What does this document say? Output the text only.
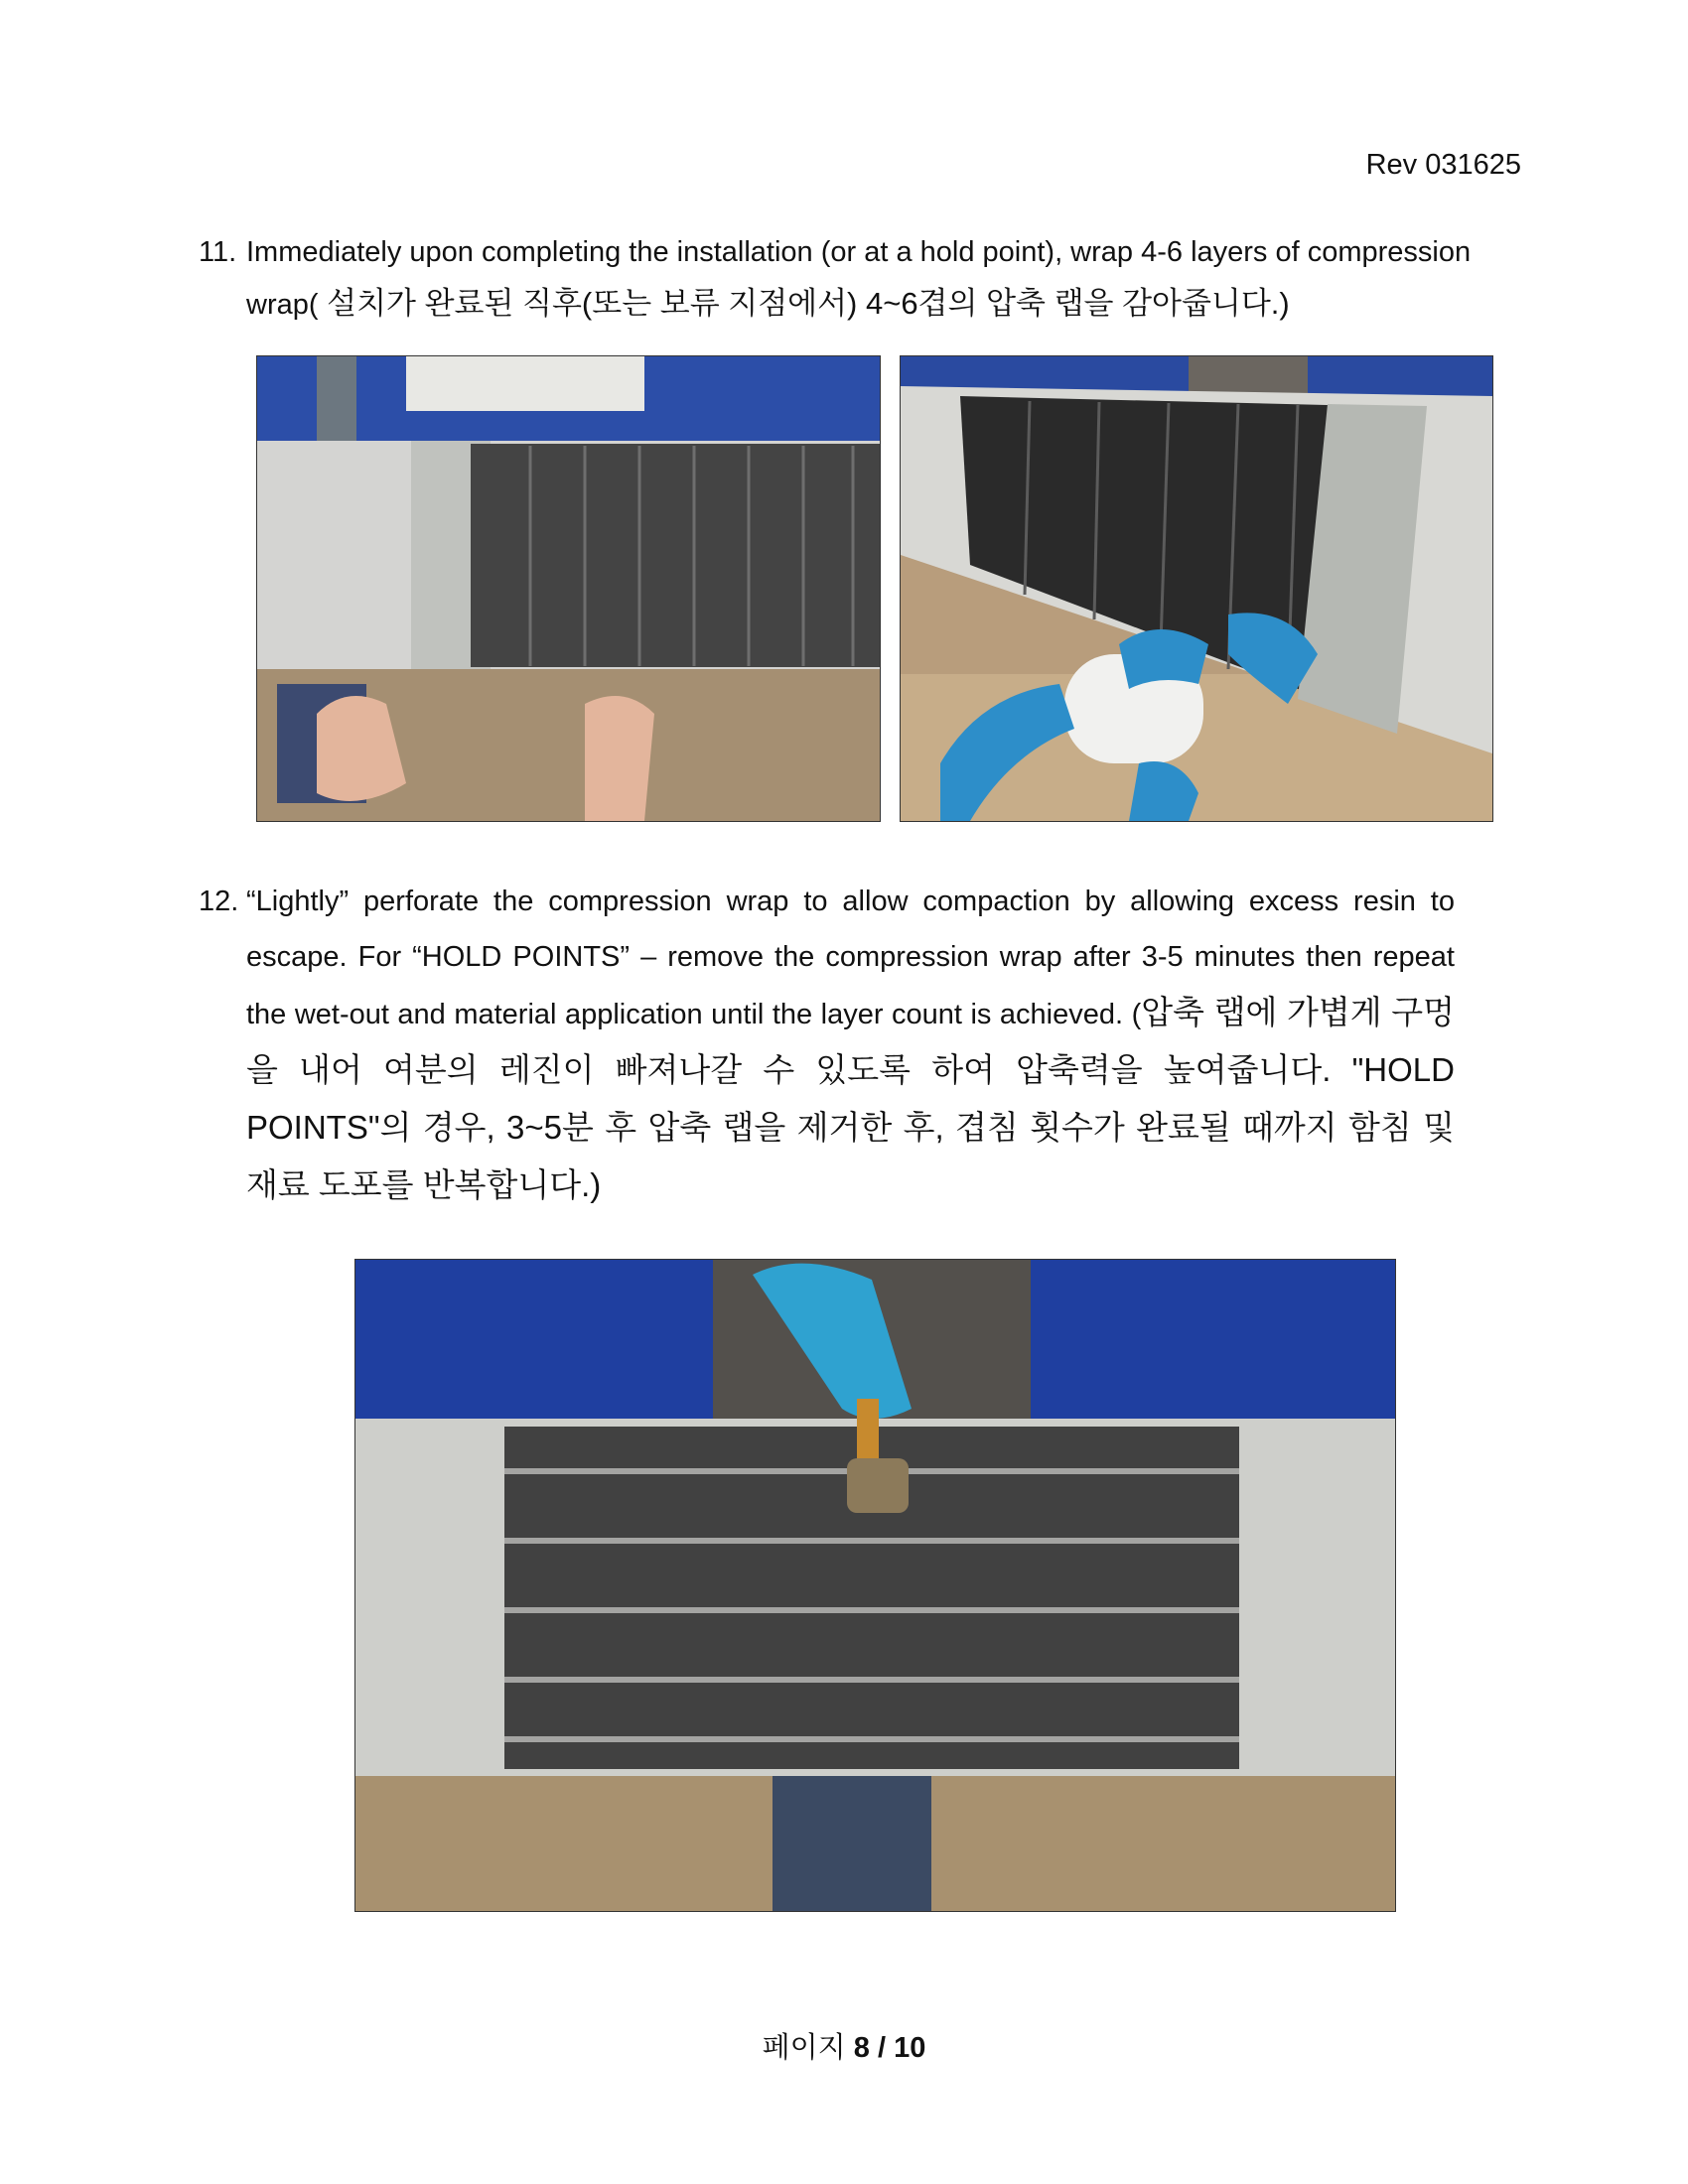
Rev 031625
11. Immediately upon completing the installation (or at a hold point), wrap 4-6 layers of compression wrap( 설치가 완료된 직후(또는 보류 지점에서) 4~6겹의 압축 랩을 감아줍니다.)
12. “Lightly” perforate the compression wrap to allow compaction by allowing excess resin to escape. For “HOLD POINTS” – remove the compression wrap after 3-5 minutes then repeat the wet-out and material application until the layer count is achieved. (압축 랩에 가볍게 구멍을 내어 여분의 레진이 빠져나갈 수 있도록 하여 압축력을 높여줍니다. "HOLD POINTS"의 경우, 3~5분 후 압축 랩을 제거한 후, 겹침 횟수가 완료될 때까지 함침 및 재료 도포를 반복합니다.)
페이지 8 / 10
